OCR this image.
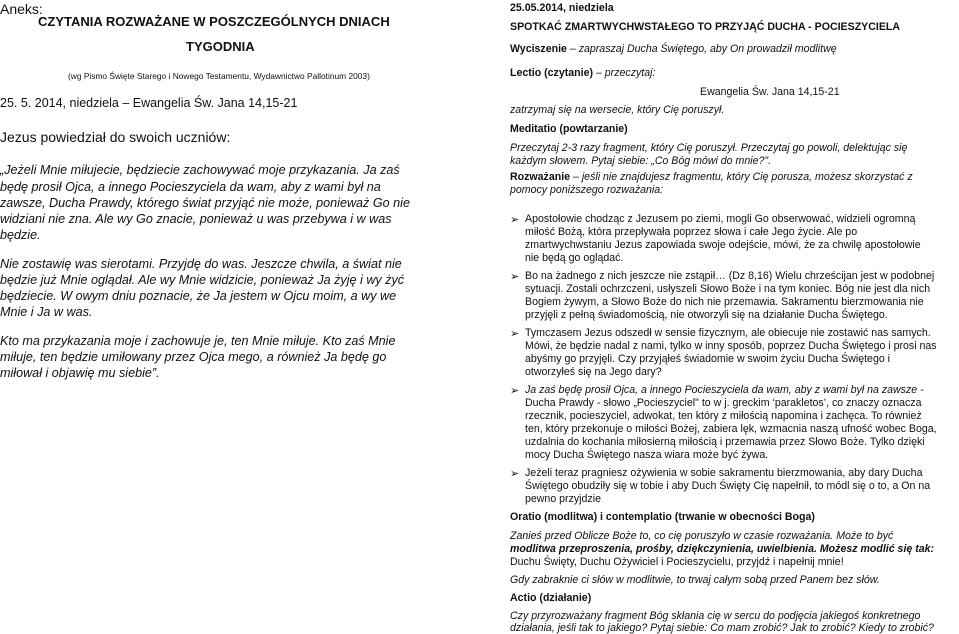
Aneks:
CZYTANIA ROZWAŻANE W POSZCZEGÓLNYCH DNIACH
TYGODNIA
(wg Pismo Święte Starego i Nowego Testamentu, Wydawnictwo Pallotinum 2003)
25. 5. 2014, niedziela – Ewangelia Św. Jana 14,15-21
Jezus powiedział do swoich uczniów:
„Jeżeli Mnie miłujecie, będziecie zachowywać moje przykazania. Ja zaś
będę prosił Ojca, a innego Pocieszyciela da wam, aby z wami był na
zawsze, Ducha Prawdy, którego świat przyjąć nie może, ponieważ Go nie
widziani nie zna. Ale wy Go znacie, ponieważ u was przebywa i w was
będzie.
Nie zostawię was sierotami. Przyjdę do was. Jeszcze chwila, a świat nie
będzie już Mnie oglądał. Ale wy Mnie widzicie, ponieważ Ja żyję i wy żyć
będziecie. W owym dniu poznacie, że Ja jestem w Ojcu moim, a wy we
Mnie i Ja w was.
Kto ma przykazania moje i zachowuje je, ten Mnie miłuje. Kto zaś Mnie
miłuje, ten będzie umiłowany przez Ojca mego, a również Ja będę go
miłował i objawię mu siebie”.
25.05.2014, niedziela
SPOTKAĆ ZMARTWYCHWSTAŁEGO TO PRZYJĄĆ DUCHA - POCIESZYCIELA
Wyciszenie – zapraszaj Ducha Świętego, aby On prowadził modlitwę
Lectio (czytanie) – przeczytaj:
Ewangelia Św. Jana 14,15-21
zatrzymaj się na wersecie, który Cię poruszył.
Meditatio (powtarzanie)
Przeczytaj 2-3 razy fragment, który Cię poruszył. Przeczytaj go powoli, delektując się
każdym słowem. Pytaj siebie: „Co Bóg mówi do mnie?".
Rozważanie – jeśli nie znajdujesz fragmentu, który Cię porusza, możesz skorzystać z
pomocy poniższego rozważania:
➢ Apostołowie chodząc z Jezusem po ziemi, mogli Go obserwować, widzieli ogromną
miłość Bożą, która przepływała poprzez słowa i całe Jego życie. Ale po
zmartwychwstaniu Jezus zapowiada swoje odejście, mówi, że za chwilę apostołowie
nie będą go oglądać.
➢ Bo na żadnego z nich jeszcze nie zstąpił… (Dz 8,16) Wielu chrześcijan jest w podobnej
sytuacji. Zostali ochrzczeni, usłyszeli Słowo Boże i na tym koniec. Bóg nie jest dla nich
Bogiem żywym, a Słowo Boże do nich nie przemawia. Sakramentu bierzmowania nie
przyjęli z pełną świadomością, nie otworzyli się na działanie Ducha Świętego.
➢ Tymczasem Jezus odszedł w sensie fizycznym, ale obiecuje nie zostawić nas samych.
Mówi, że będzie nadal z nami, tylko w inny sposób, poprzez Ducha Świętego i prosi nas
abyśmy go przyjęli. Czy przyjąłeś świadomie w swoim życiu Ducha Świętego i
otworzyłeś się na Jego dary?
➢ Ja zaś będę prosił Ojca, a innego Pocieszyciela da wam, aby z wami był na zawsze -
Ducha Prawdy - słowo „Pocieszyciel" to w j. greckim ‘parakletos’, co znaczy oznacza
rzecznik, pocieszyciel, adwokat, ten który z miłością napomina i zachęca. To również
ten, który przekonuje o miłości Bożej, zabiera lęk, wzmacnia naszą ufność wobec Boga,
uzdalnia do kochania miłosierną miłością i przemawia przez Słowo Boże. Tylko dzięki
mocy Ducha Świętego nasza wiara może być żywa.
➢ Jeżeli teraz pragniesz ożywienia w sobie sakramentu bierzmowania, aby dary Ducha
Świętego obudziły się w tobie i aby Duch Święty Cię napełnił, to módl się o to, a On na
pewno przyjdzie
Oratio (modlitwa) i contemplatio (trwanie w obecności Boga)
Zanieś przed Oblicze Boże to, co cię poruszyło w czasie rozważania. Może to być
modlitwa przeproszenia, prośby, dziękczynienia, uwielbienia. Możesz modlić się tak:
Duchu Święty, Duchu Ożywiciel i Pocieszycielu, przyjdź i napełnij mnie!
Gdy zabraknie ci słów w modlitwie, to trwaj całym sobą przed Panem bez słów.
Actio (działanie)
Czy przyrozważany fragment Bóg skłania cię w sercu do podjęcia jakiegoś konkretnego
działania, jeśli tak to jakiego? Pytaj siebie: Co mam zrobić? Jak to zrobić? Kiedy to zrobić?
